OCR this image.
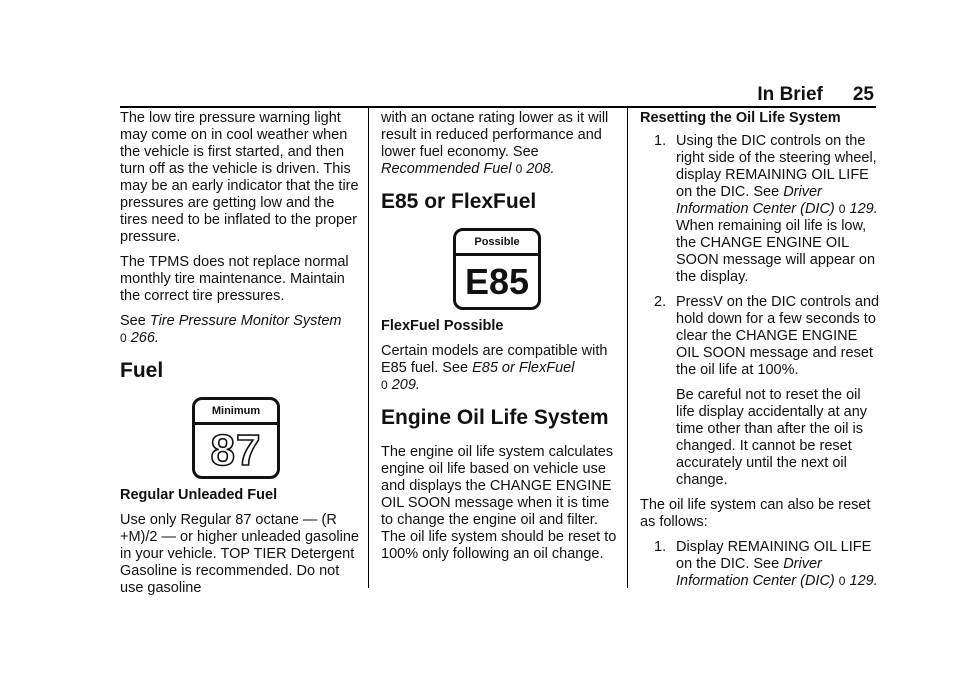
In Brief 25

The low tire pressure warning light may come on in cool weather when the vehicle is first started, and then turn off as the vehicle is driven. This may be an early indicator that the tire pressures are getting low and the tires need to be inflated to the proper pressure.

The TPMS does not replace normal monthly tire maintenance. Maintain the correct tire pressures.

See Tire Pressure Monitor System
0 266.

Fuel
Minimum
87

Regular Unleaded Fuel

Use only Regular 87 octane — (R +M)/2 — or higher unleaded gasoline in your vehicle. TOP TIER Detergent Gasoline is recommended. Do not use gasoline

with an octane rating lower as it will result in reduced performance and lower fuel economy. See
Recommended Fuel 0 208.

E85 or FlexFuel
Possible
E85

FlexFuel Possible

Certain models are compatible with E85 fuel. See E85 or FlexFuel
0 209.

Engine Oil Life System

The engine oil life system calculates engine oil life based on vehicle use and displays the CHANGE ENGINE OIL SOON message when it is time to change the engine oil and filter. The oil life system should be reset to 100% only following an oil change.

Resetting the Oil Life System

1. Using the DIC controls on the right side of the steering wheel, display REMAINING OIL LIFE on the DIC. See Driver Information Center (DIC) 0 129. When remaining oil life is low, the CHANGE ENGINE OIL SOON message will appear on the display.
2. PressV on the DIC controls and hold down for a few seconds to clear the CHANGE ENGINE OIL SOON message and reset the oil life at 100%.
Be careful not to reset the oil life display accidentally at any time other than after the oil is changed. It cannot be reset accurately until the next oil change.

The oil life system can also be reset as follows:

1. Display REMAINING OIL LIFE on the DIC. See Driver Information Center (DIC) 0 129.
